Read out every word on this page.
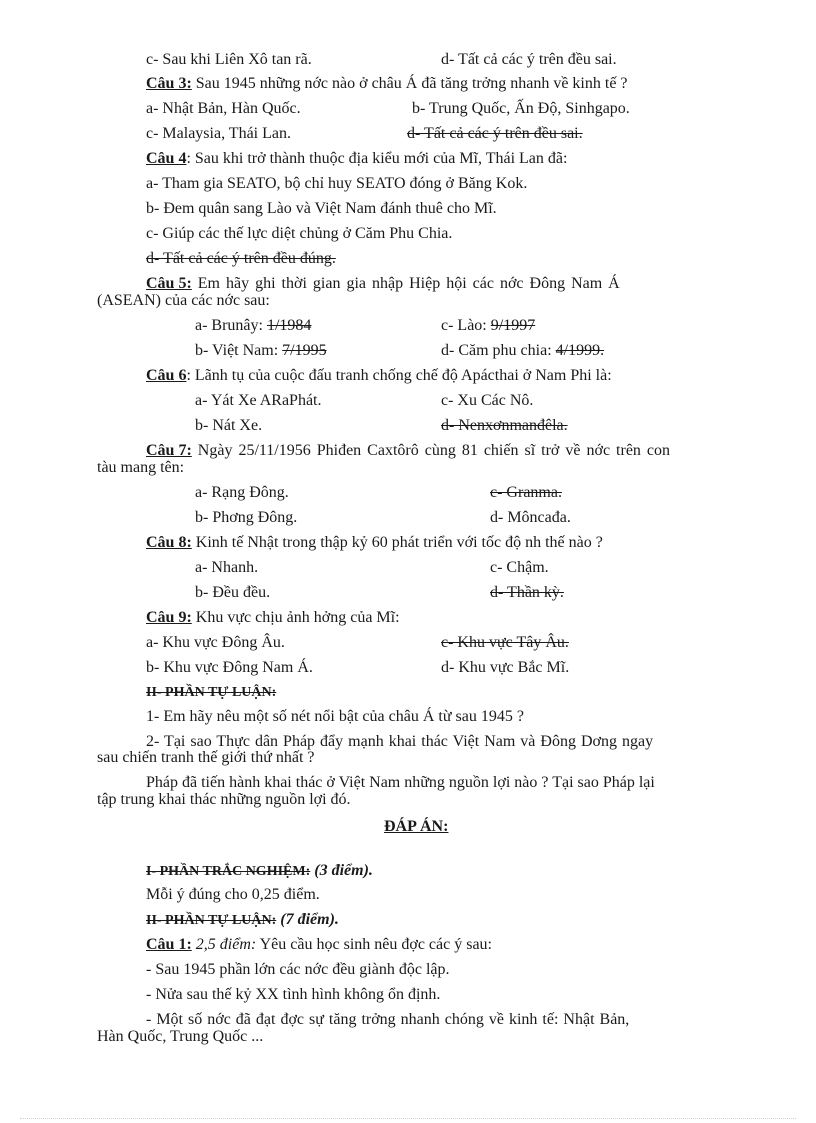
c- Sau khi Liên Xô tan rã.	d- Tất cả các ý trên đều sai.
Câu 3: Sau 1945 những nớc nào ở châu Á đã tăng trởng nhanh về kinh tế ?
a- Nhật Bản, Hàn Quốc.	b- Trung Quốc, Ấn Độ, Sinhgapo.
c- Malaysia, Thái Lan.	d- Tất cả các ý trên đều sai.
Câu 4: Sau khi trở thành thuộc địa kiểu mới của Mĩ, Thái Lan đã:
a- Tham gia SEATO, bộ chỉ huy SEATO đóng ở Băng Kok.
b- Đem quân sang Lào và Việt Nam đánh thuê cho Mĩ.
c- Giúp các thế lực diệt chủng ở Căm Phu Chia.
d- Tất cả các ý trên đều đúng.
Câu 5: Em hãy ghi thời gian gia nhập Hiệp hội các nớc Đông Nam Á
(ASEAN) của các nớc sau:
a- Brunây: 1/1984	c- Lào: 9/1997
b- Việt Nam: 7/1995	d- Căm phu chia: 4/1999.
Câu 6: Lãnh tụ của cuộc đấu tranh chống chế độ Apácthai ở Nam Phi là:
a- Yát Xe ARaPhát.	c- Xu Các Nô.
b- Nát Xe.	d- Nenxơnmanđêla.
Câu 7: Ngày 25/11/1956 Phiđen Caxtôrô cùng 81 chiến sĩ trở về nớc trên con
tàu mang tên:
a- Rạng Đông.	c- Granma.
b- Phơng Đông.	d- Môncađa.
Câu 8: Kinh tế Nhật trong thập kỷ 60 phát triển với tốc độ nh thế nào ?
a- Nhanh.	c- Chậm.
b- Đều đều.	d- Thần kỳ.
Câu 9: Khu vực chịu ảnh hởng của Mĩ:
a- Khu vực Đông Âu.	c- Khu vực Tây Âu.
b- Khu vực Đông Nam Á.	d- Khu vực Bắc Mĩ.
II- PHẦN TỰ LUẬN:
1- Em hãy nêu một số nét nổi bật của châu Á từ sau 1945 ?
2- Tại sao Thực dân Pháp đẩy mạnh khai thác Việt Nam và Đông Dơng ngay
sau chiến tranh thế giới thứ nhất ?
Pháp đã tiến hành khai thác ở Việt Nam những nguồn lợi nào ? Tại sao Pháp lại
tập trung khai thác những nguồn lợi đó.
ĐÁP ÁN:
I- PHẦN TRẮC NGHIỆM: (3 điểm).
Mỗi ý đúng cho 0,25 điểm.
II- PHẦN TỰ LUẬN: (7 điểm).
Câu 1: 2,5 điểm: Yêu cầu học sinh nêu đợc các ý sau:
- Sau 1945 phần lớn các nớc đều giành độc lập.
- Nửa sau thế kỷ XX tình hình không ổn định.
- Một số nớc đã đạt đợc sự tăng trởng nhanh chóng về kinh tế: Nhật Bản,
Hàn Quốc, Trung Quốc ...
